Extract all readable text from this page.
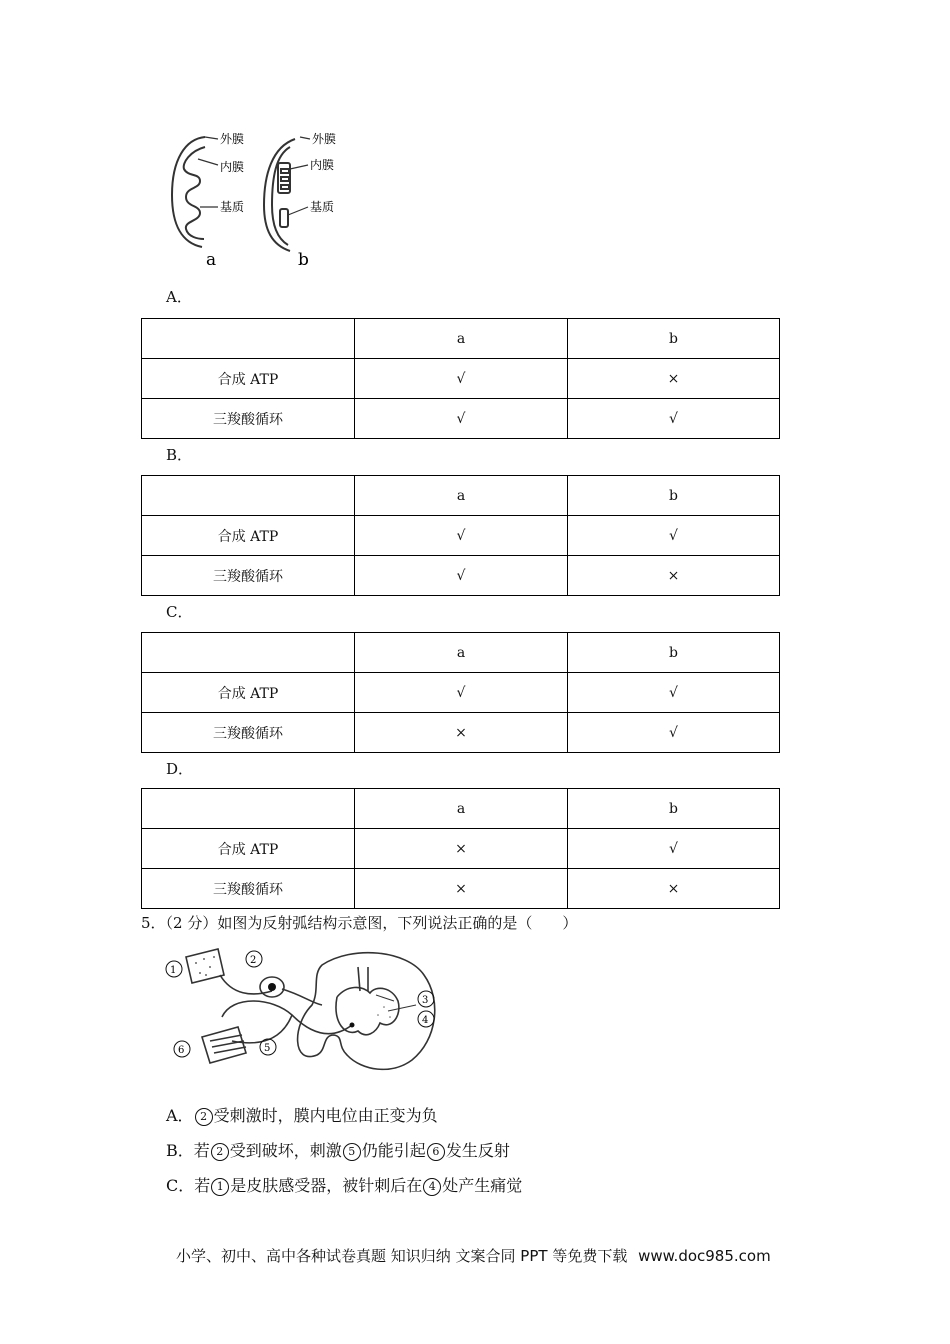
外膜
内膜
基质
外膜
内膜
基质
a	b
A．
	a	b
合成 ATP	√	×
三羧酸循环	√	√
B．
	a	b
合成 ATP	√	√
三羧酸循环	√	×
C．
	a	b
合成 ATP	√	√
三羧酸循环	×	√
D．
	a	b
合成 ATP	×	√
三羧酸循环	×	×
5．（2 分）如图为反射弧结构示意图，下列说法正确的是（　　）
1
2
3
4
5
6
A． 2 受刺激时，膜内电位由正变为负
B．若 2 受到破坏，刺激 5 仍能引起 6 发生反射
C．若 1 是皮肤感受器，被针刺后在 4 处产生痛觉
小学、初中、高中各种试卷真题 知识归纳 文案合同 PPT 等免费下载 www.doc985.com
